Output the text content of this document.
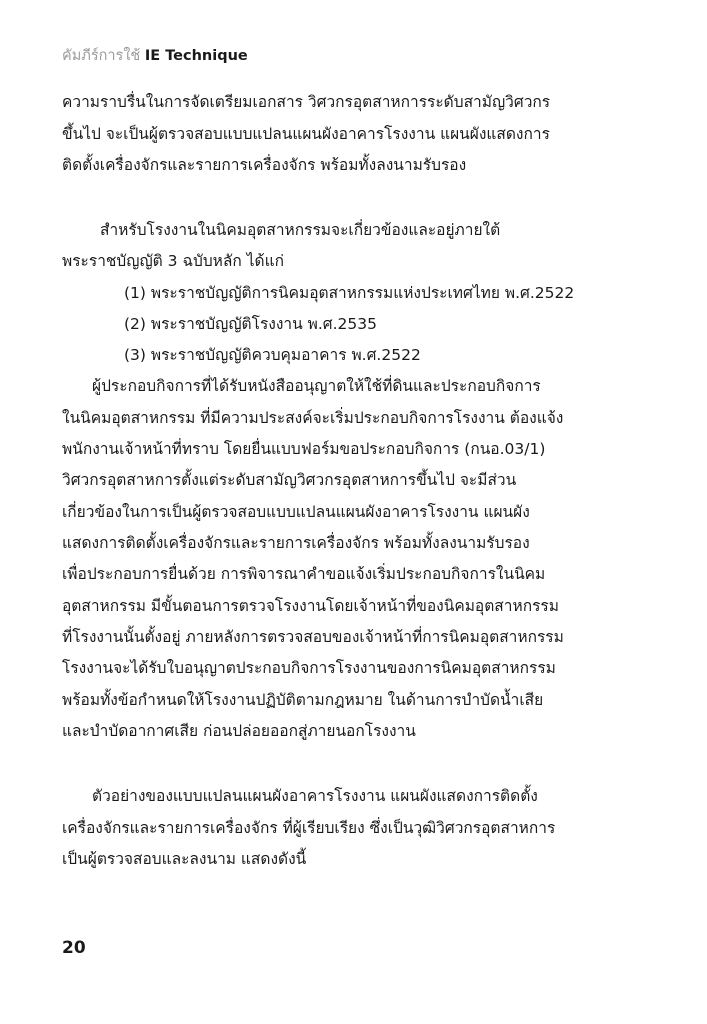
คัมภีร์การใช้ IE Technique
ความราบรื่นในการจัดเตรียมเอกสาร วิศวกรอุตสาหการระดับสามัญวิศวกร
ขึ้นไป จะเป็นผู้ตรวจสอบแบบแปลนแผนผังอาคารโรงงาน แผนผังแสดงการ
ติดตั้งเครื่องจักรและรายการเครื่องจักร พร้อมทั้งลงนามรับรอง
สำหรับโรงงานในนิคมอุตสาหกรรมจะเกี่ยวข้องและอยู่ภายใต้
พระราชบัญญัติ 3 ฉบับหลัก ได้แก่
(1) พระราชบัญญัติการนิคมอุตสาหกรรมแห่งประเทศไทย พ.ศ.2522
(2) พระราชบัญญัติโรงงาน พ.ศ.2535
(3) พระราชบัญญัติควบคุมอาคาร พ.ศ.2522
ผู้ประกอบกิจการที่ได้รับหนังสืออนุญาตให้ใช้ที่ดินและประกอบกิจการ
ในนิคมอุตสาหกรรม ที่มีความประสงค์จะเริ่มประกอบกิจการโรงงาน ต้องแจ้ง
พนักงานเจ้าหน้าที่ทราบ โดยยื่นแบบฟอร์มขอประกอบกิจการ (กนอ.03/1)
วิศวกรอุตสาหการตั้งแต่ระดับสามัญวิศวกรอุตสาหการขึ้นไป จะมีส่วน
เกี่ยวข้องในการเป็นผู้ตรวจสอบแบบแปลนแผนผังอาคารโรงงาน แผนผัง
แสดงการติดตั้งเครื่องจักรและรายการเครื่องจักร พร้อมทั้งลงนามรับรอง
เพื่อประกอบการยื่นด้วย การพิจารณาคำขอแจ้งเริ่มประกอบกิจการในนิคม
อุตสาหกรรม มีขั้นตอนการตรวจโรงงานโดยเจ้าหน้าที่ของนิคมอุตสาหกรรม
ที่โรงงานนั้นตั้งอยู่ ภายหลังการตรวจสอบของเจ้าหน้าที่การนิคมอุตสาหกรรม
โรงงานจะได้รับใบอนุญาตประกอบกิจการโรงงานของการนิคมอุตสาหกรรม
พร้อมทั้งข้อกำหนดให้โรงงานปฏิบัติตามกฎหมาย ในด้านการบำบัดน้ำเสีย
และบำบัดอากาศเสีย ก่อนปล่อยออกสู่ภายนอกโรงงาน
ตัวอย่างของแบบแปลนแผนผังอาคารโรงงาน แผนผังแสดงการติดตั้ง
เครื่องจักรและรายการเครื่องจักร ที่ผู้เรียบเรียง ซึ่งเป็นวุฒิวิศวกรอุตสาหการ
เป็นผู้ตรวจสอบและลงนาม แสดงดังนี้
20
